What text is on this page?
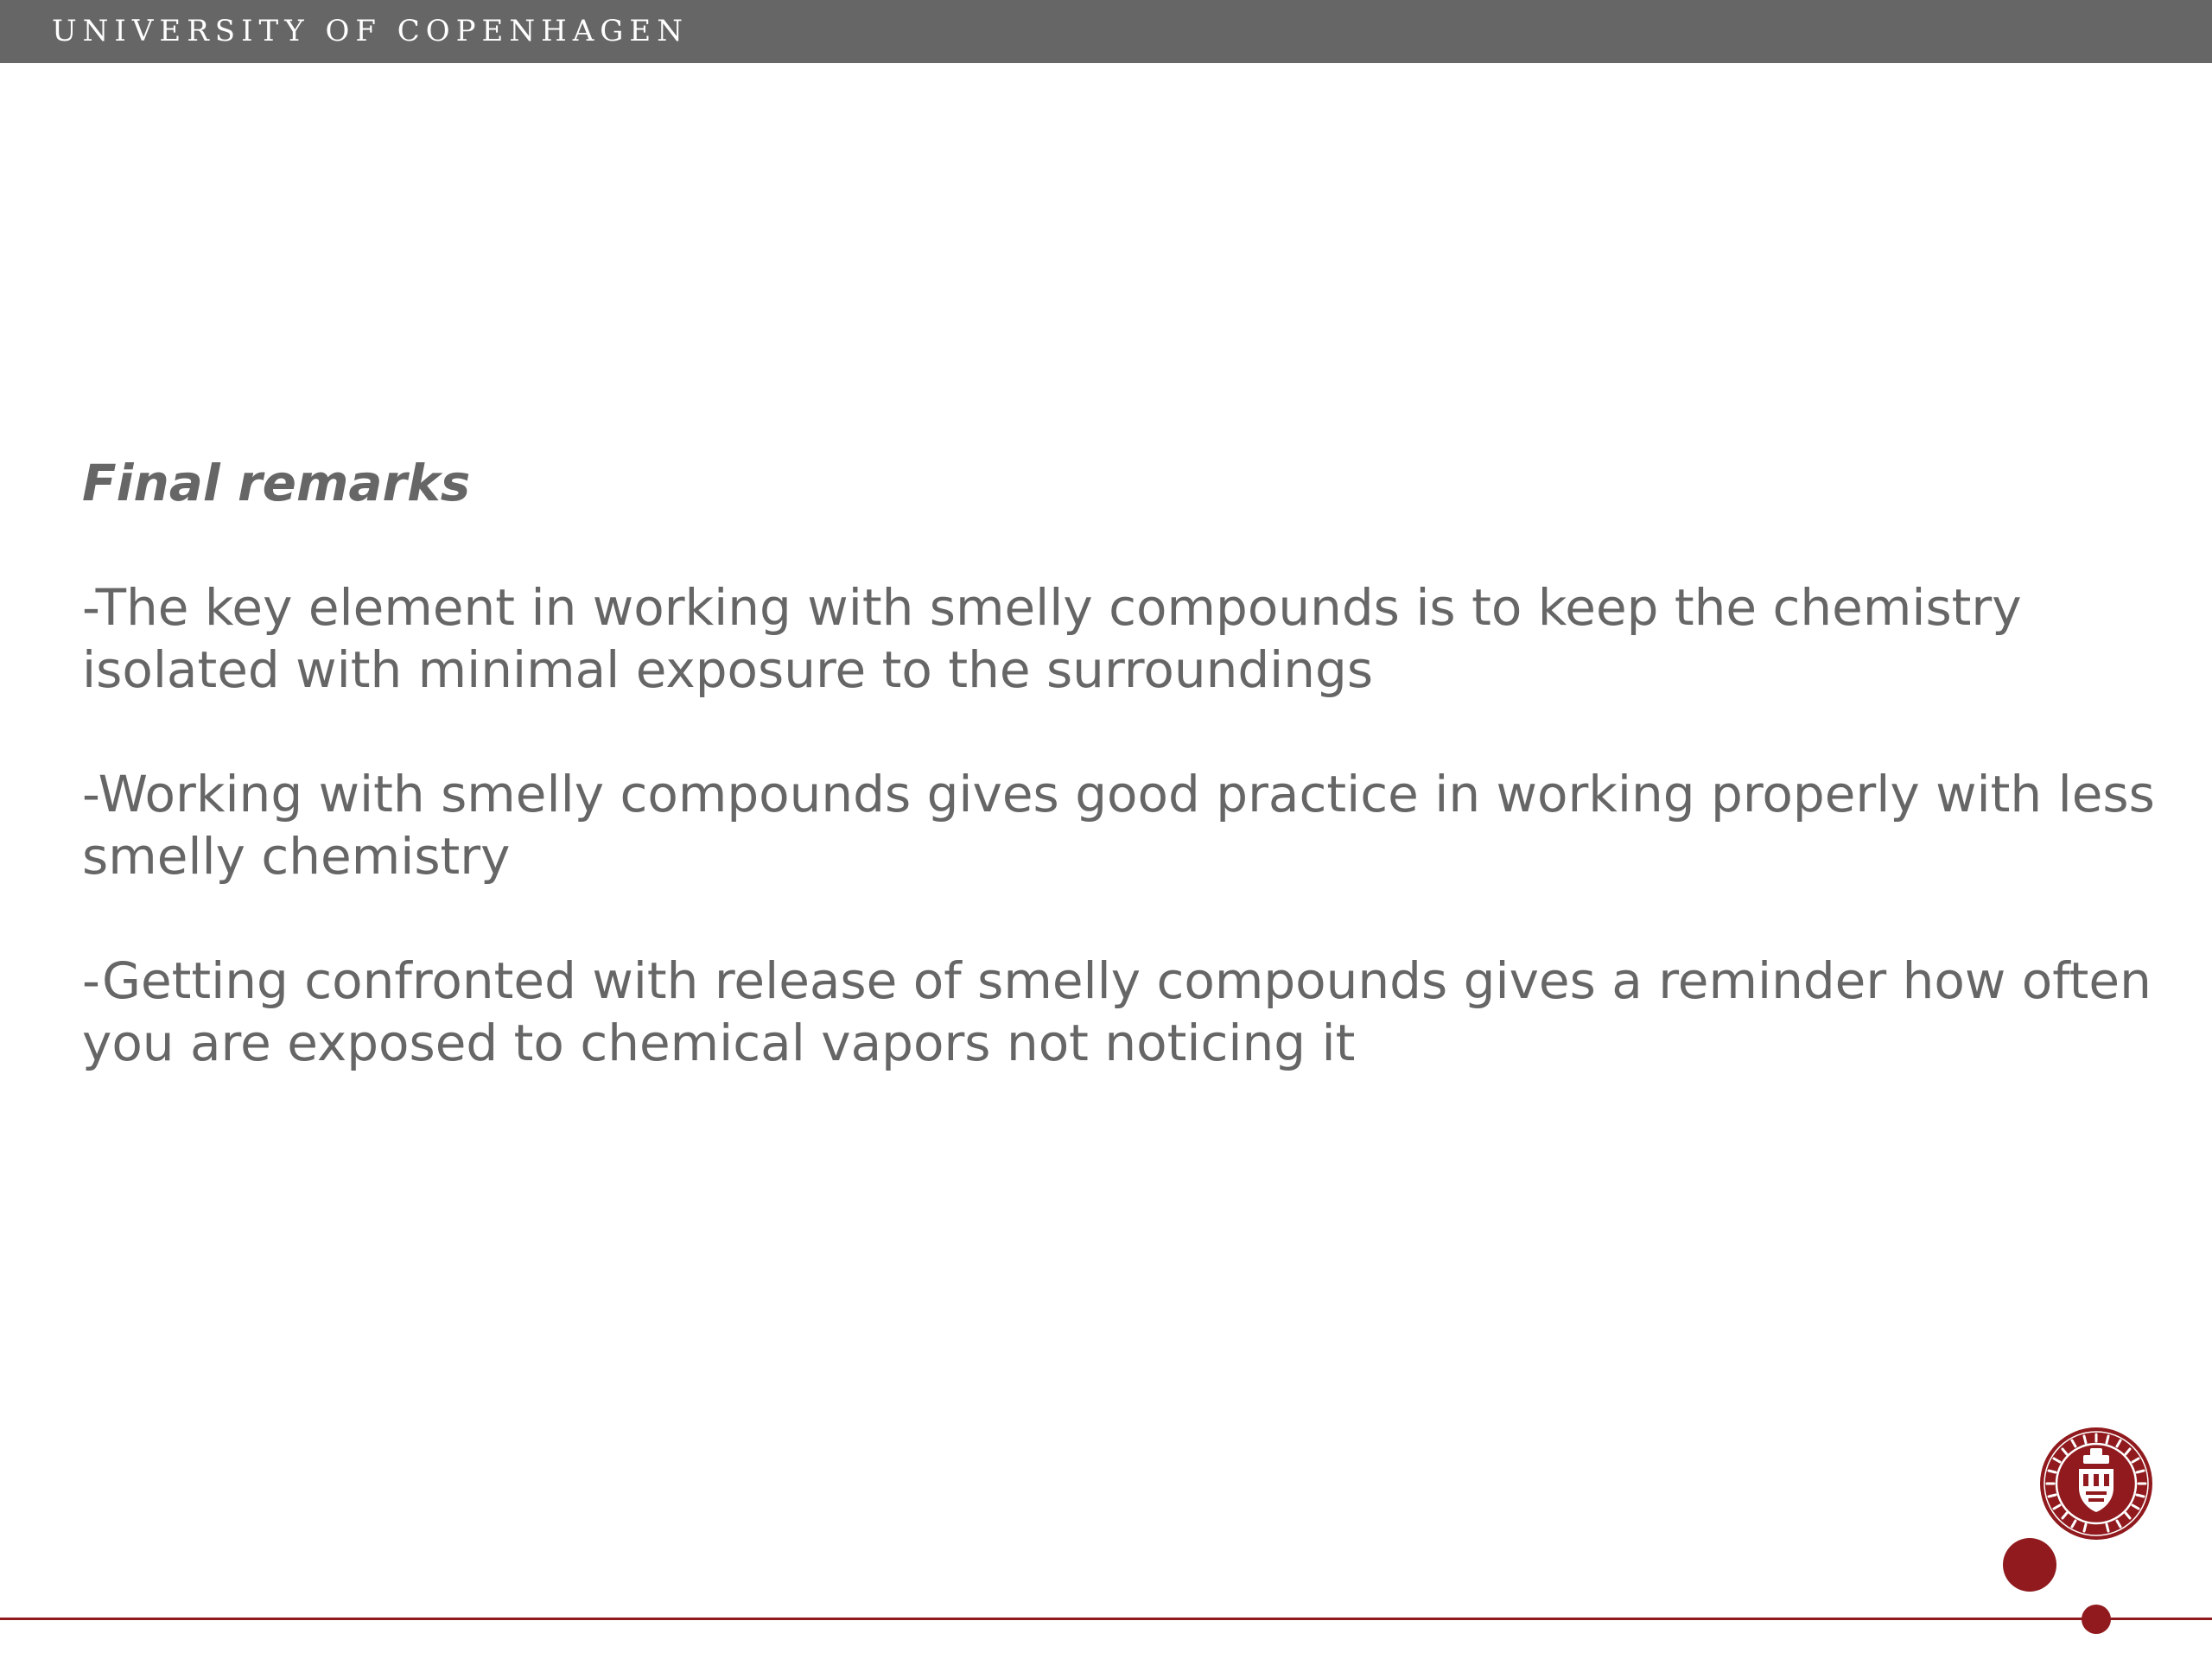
UNIVERSITY OF COPENHAGEN
Final remarks
-The key element in working with smelly compounds is to keep the chemistry isolated with minimal exposure to the surroundings
-Working with smelly compounds gives good practice in working properly with less smelly chemistry
-Getting confronted with release of smelly compounds gives a reminder how often you are exposed to chemical vapors not noticing it
